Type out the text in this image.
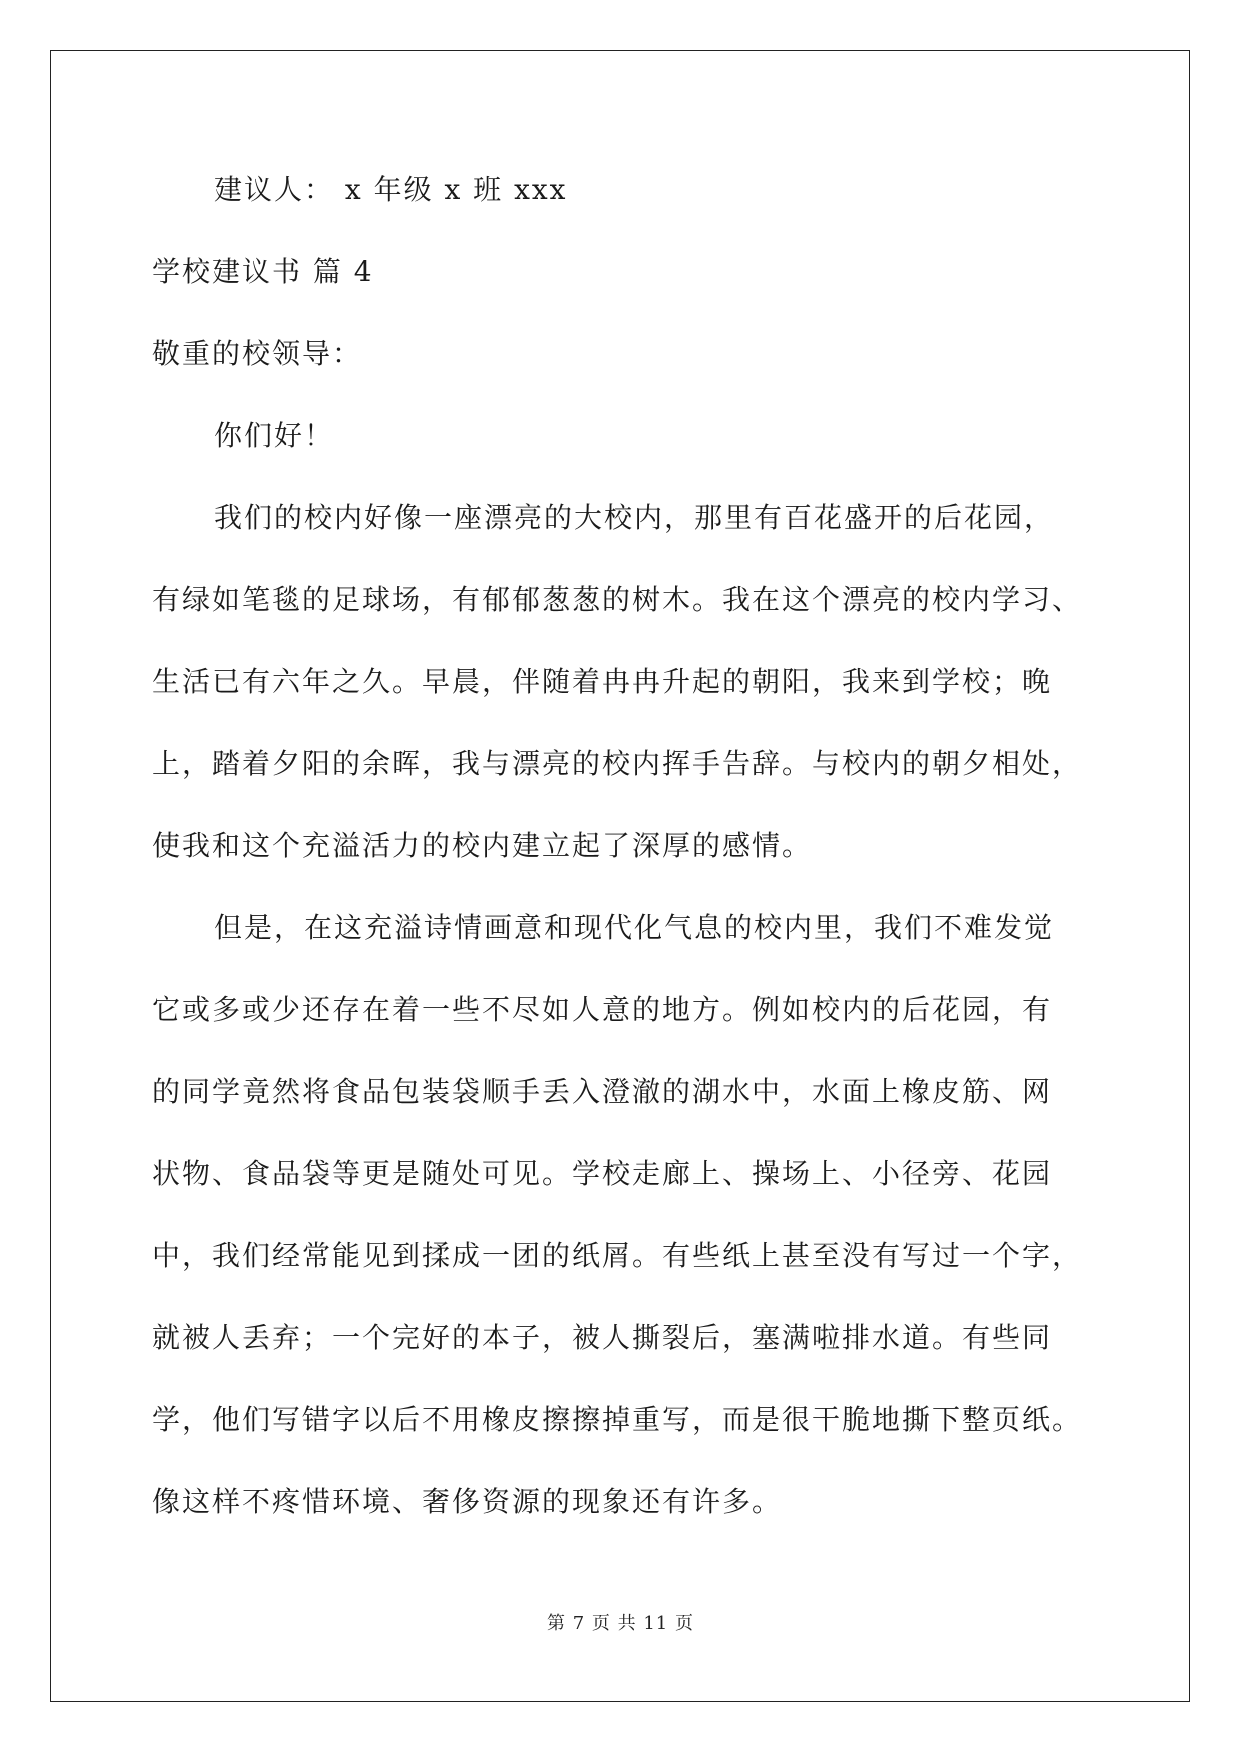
建议人： x 年级 x 班 xxx
学校建议书 篇 4
敬重的校领导：
你们好！
我们的校内好像一座漂亮的大校内，那里有百花盛开的后花园，
有绿如笔毯的足球场，有郁郁葱葱的树木。我在这个漂亮的校内学习、
生活已有六年之久。早晨，伴随着冉冉升起的朝阳，我来到学校；晚
上，踏着夕阳的余晖，我与漂亮的校内挥手告辞。与校内的朝夕相处，
使我和这个充溢活力的校内建立起了深厚的感情。
但是，在这充溢诗情画意和现代化气息的校内里，我们不难发觉
它或多或少还存在着一些不尽如人意的地方。例如校内的后花园，有
的同学竟然将食品包装袋顺手丢入澄澈的湖水中，水面上橡皮筋、网
状物、食品袋等更是随处可见。学校走廊上、操场上、小径旁、花园
中，我们经常能见到揉成一团的纸屑。有些纸上甚至没有写过一个字，
就被人丢弃；一个完好的本子，被人撕裂后，塞满啦排水道。有些同
学，他们写错字以后不用橡皮擦擦掉重写，而是很干脆地撕下整页纸。
像这样不疼惜环境、奢侈资源的现象还有许多。
第 7 页 共 11 页
